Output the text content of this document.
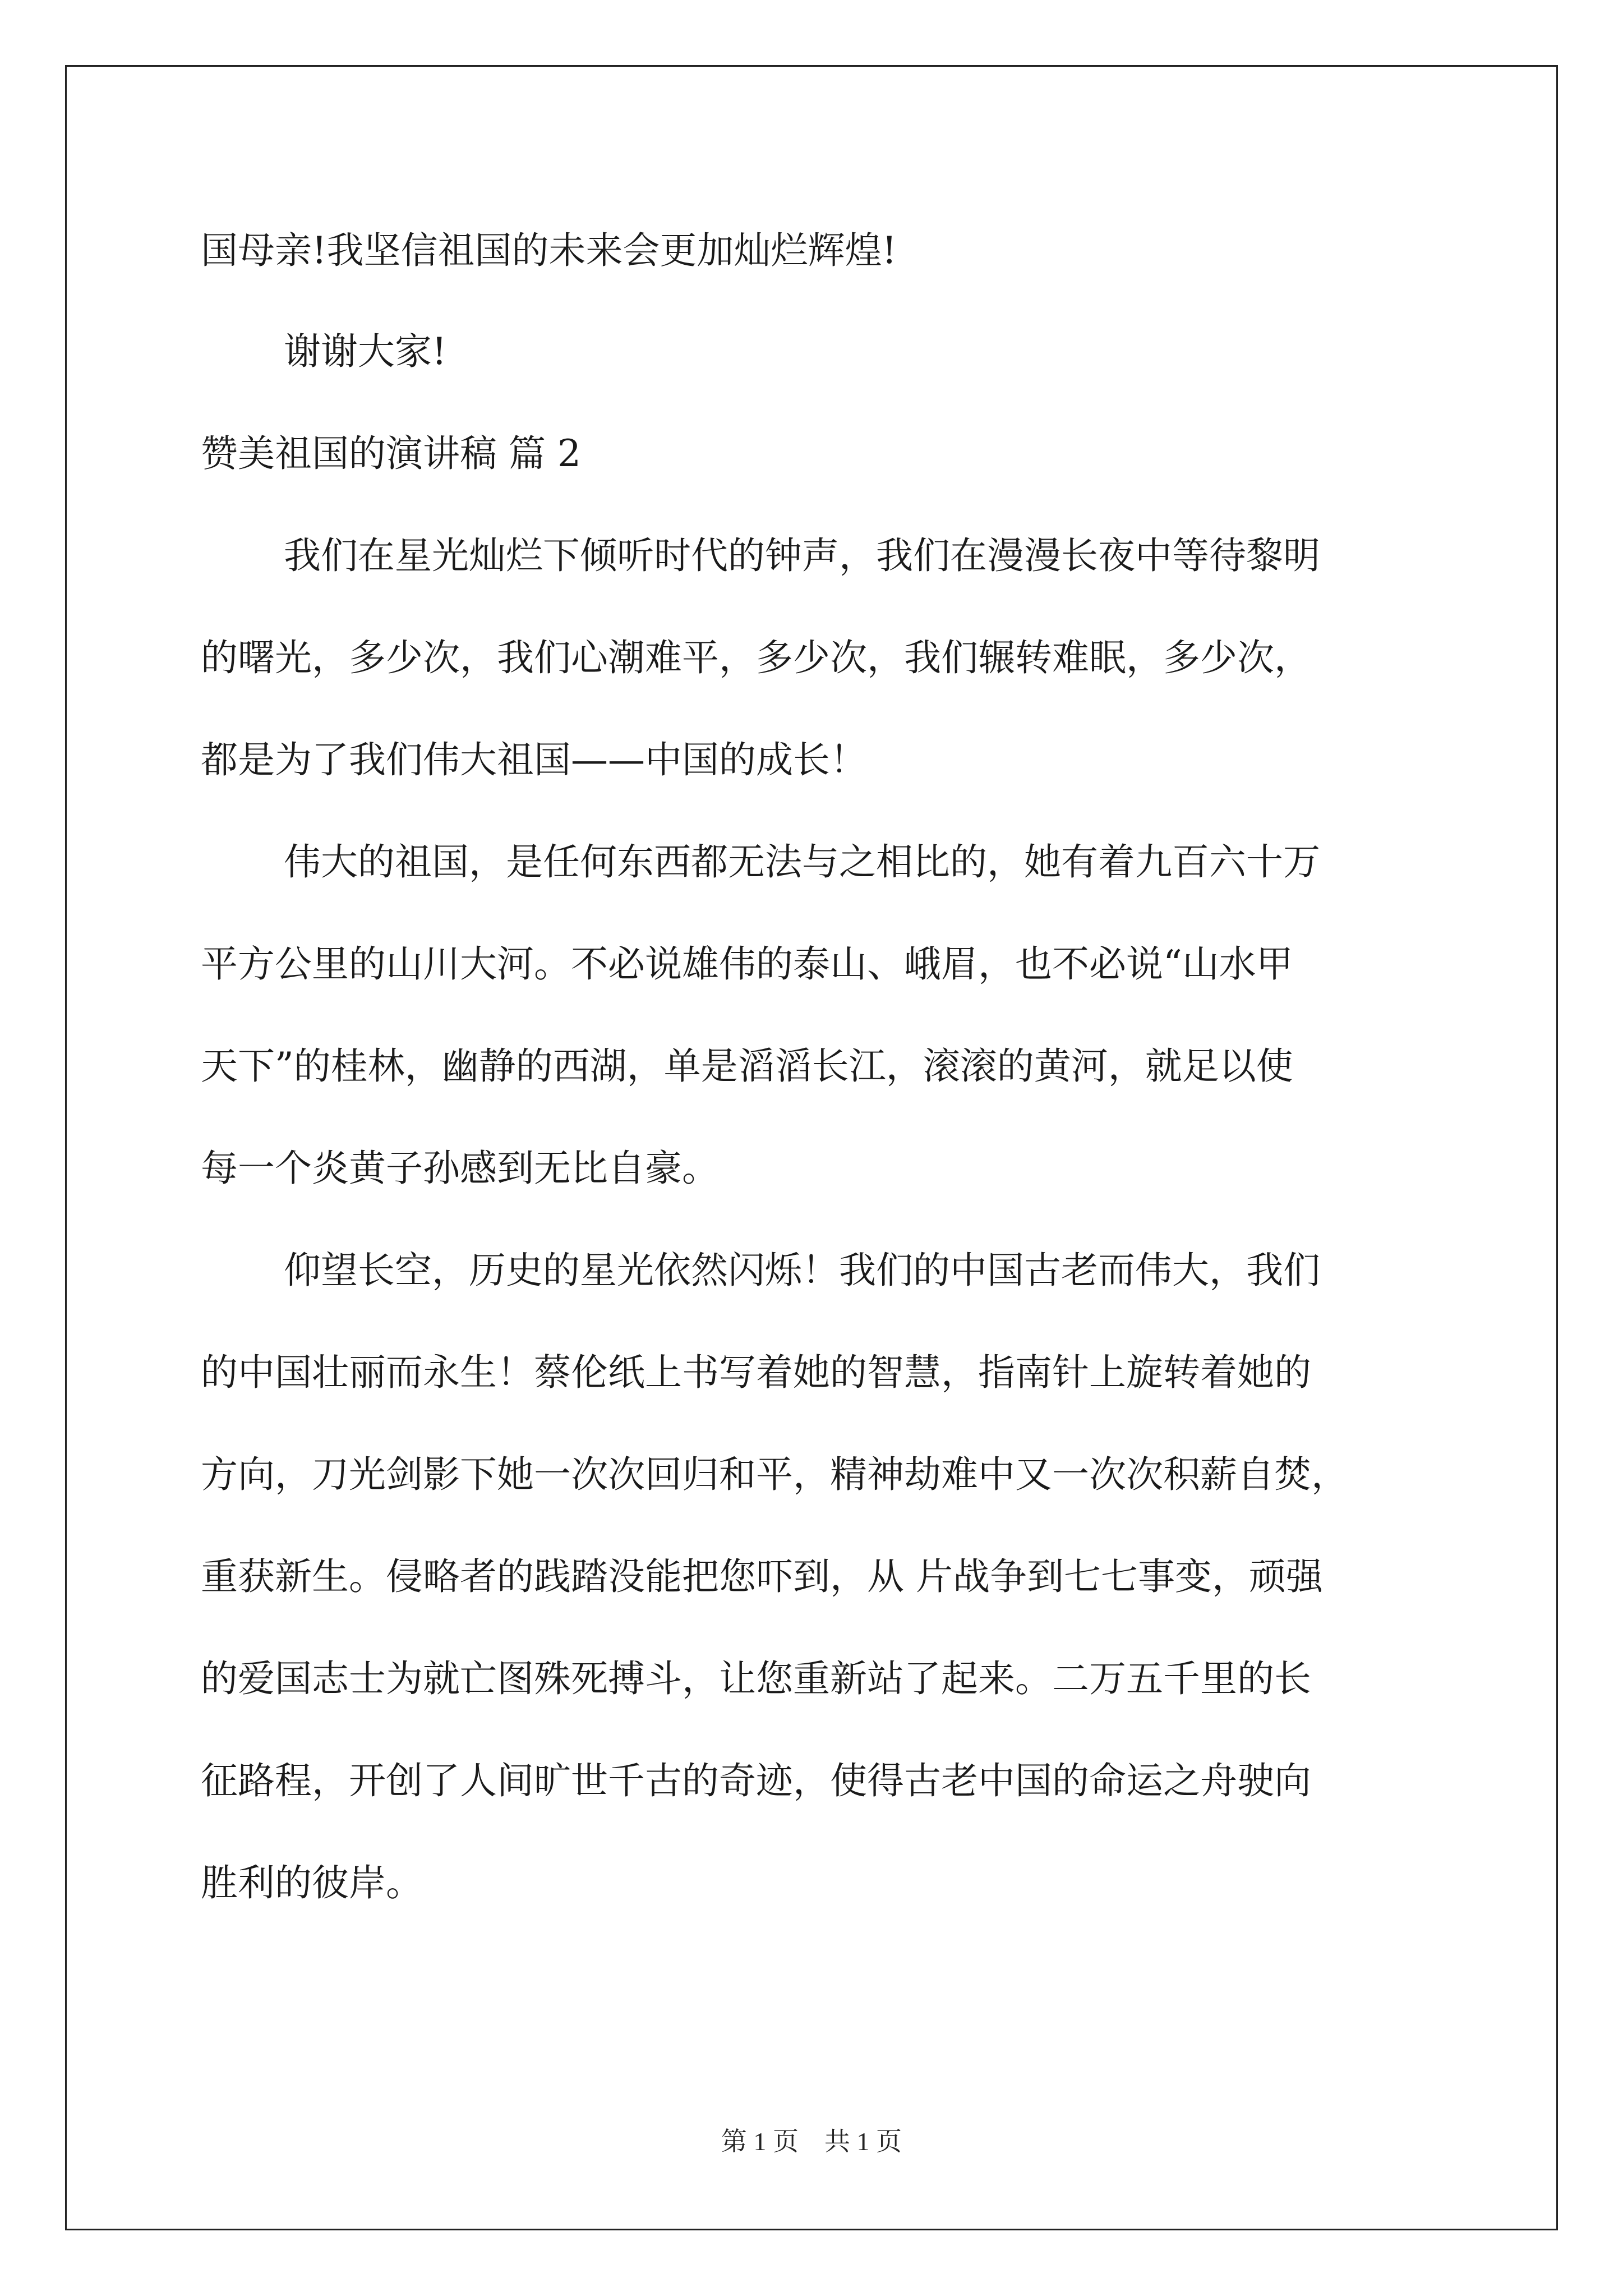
国母亲!我坚信祖国的未来会更加灿烂辉煌!
谢谢大家!
赞美祖国的演讲稿 篇 2
我们在星光灿烂下倾听时代的钟声，我们在漫漫长夜中等待黎明
的曙光，多少次，我们心潮难平，多少次，我们辗转难眠，多少次，
都是为了我们伟大祖国——中国的成长！
伟大的祖国，是任何东西都无法与之相比的，她有着九百六十万
平方公里的山川大河。不必说雄伟的泰山、峨眉，也不必说“山水甲
天下”的桂林，幽静的西湖，单是滔滔长江，滚滚的黄河，就足以使
每一个炎黄子孙感到无比自豪。
仰望长空，历史的星光依然闪烁！我们的中国古老而伟大，我们
的中国壮丽而永生！蔡伦纸上书写着她的智慧，指南针上旋转着她的
方向，刀光剑影下她一次次回归和平，精神劫难中又一次次积薪自焚，
重获新生。侵略者的践踏没能把您吓到，从 片战争到七七事变，顽强
的爱国志士为就亡图殊死搏斗，让您重新站了起来。二万五千里的长
征路程，开创了人间旷世千古的奇迹，使得古老中国的命运之舟驶向
胜利的彼岸。
第 1 页　共 1 页
